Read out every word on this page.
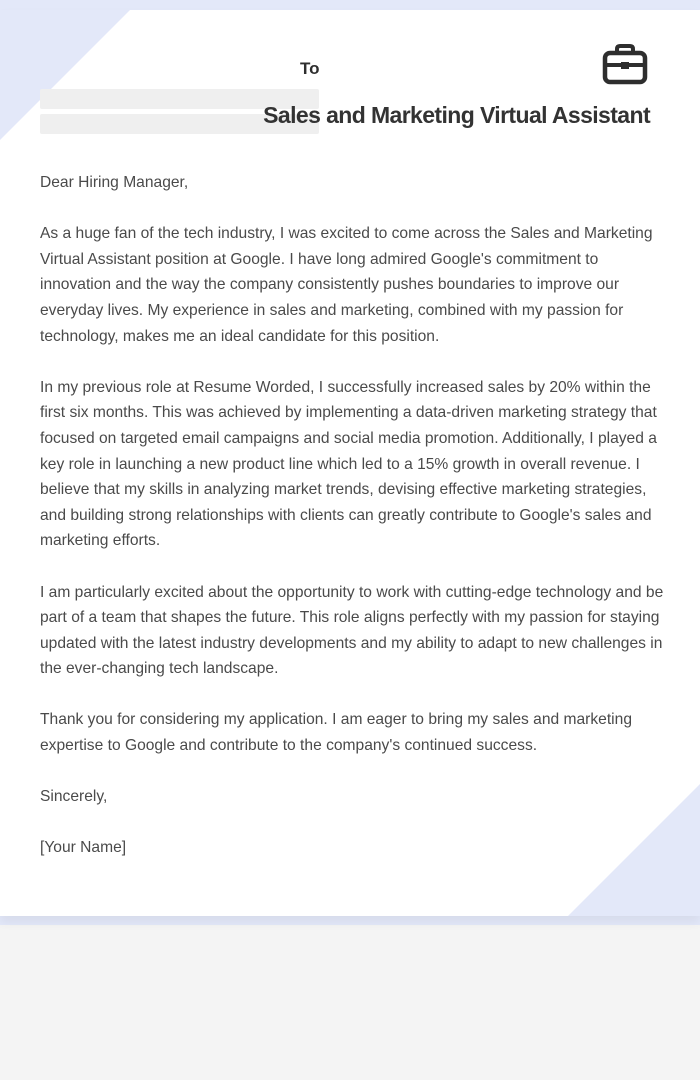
To
Sales and Marketing Virtual Assistant

Dear Hiring Manager,

As a huge fan of the tech industry, I was excited to come across the Sales and Marketing Virtual Assistant position at Google. I have long admired Google's commitment to innovation and the way the company consistently pushes boundaries to improve our everyday lives. My experience in sales and marketing, combined with my passion for technology, makes me an ideal candidate for this position.

In my previous role at Resume Worded, I successfully increased sales by 20% within the first six months. This was achieved by implementing a data-driven marketing strategy that focused on targeted email campaigns and social media promotion. Additionally, I played a key role in launching a new product line which led to a 15% growth in overall revenue. I believe that my skills in analyzing market trends, devising effective marketing strategies, and building strong relationships with clients can greatly contribute to Google's sales and marketing efforts.

I am particularly excited about the opportunity to work with cutting-edge technology and be part of a team that shapes the future. This role aligns perfectly with my passion for staying updated with the latest industry developments and my ability to adapt to new challenges in the ever-changing tech landscape.

Thank you for considering my application. I am eager to bring my sales and marketing expertise to Google and contribute to the company's continued success.

Sincerely,

[Your Name]
